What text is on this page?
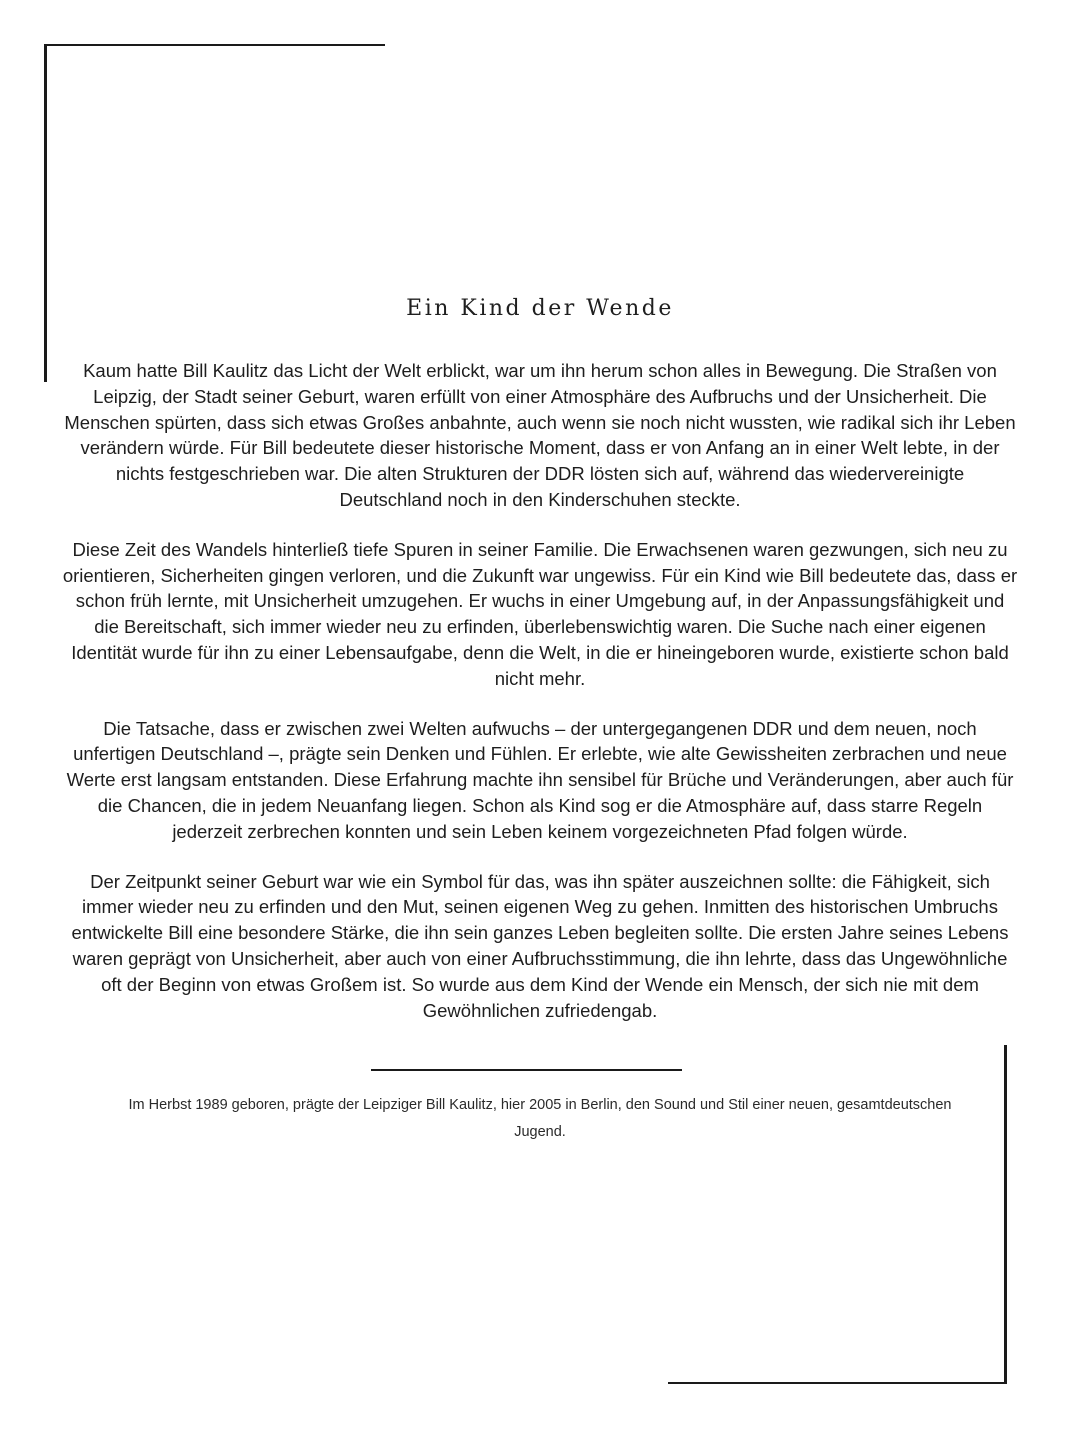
Ein Kind der Wende

Kaum hatte Bill Kaulitz das Licht der Welt erblickt, war um ihn herum schon alles in Bewegung. Die Straßen von Leipzig, der Stadt seiner Geburt, waren erfüllt von einer Atmosphäre des Aufbruchs und der Unsicherheit. Die Menschen spürten, dass sich etwas Großes anbahnte, auch wenn sie noch nicht wussten, wie radikal sich ihr Leben verändern würde. Für Bill bedeutete dieser historische Moment, dass er von Anfang an in einer Welt lebte, in der nichts festgeschrieben war. Die alten Strukturen der DDR lösten sich auf, während das wiedervereinigte Deutschland noch in den Kinderschuhen steckte.

Diese Zeit des Wandels hinterließ tiefe Spuren in seiner Familie. Die Erwachsenen waren gezwungen, sich neu zu orientieren, Sicherheiten gingen verloren, und die Zukunft war ungewiss. Für ein Kind wie Bill bedeutete das, dass er schon früh lernte, mit Unsicherheit umzugehen. Er wuchs in einer Umgebung auf, in der Anpassungsfähigkeit und die Bereitschaft, sich immer wieder neu zu erfinden, überlebenswichtig waren. Die Suche nach einer eigenen Identität wurde für ihn zu einer Lebensaufgabe, denn die Welt, in die er hineingeboren wurde, existierte schon bald nicht mehr.

Die Tatsache, dass er zwischen zwei Welten aufwuchs – der untergegangenen DDR und dem neuen, noch unfertigen Deutschland –, prägte sein Denken und Fühlen. Er erlebte, wie alte Gewissheiten zerbrachen und neue Werte erst langsam entstanden. Diese Erfahrung machte ihn sensibel für Brüche und Veränderungen, aber auch für die Chancen, die in jedem Neuanfang liegen. Schon als Kind sog er die Atmosphäre auf, dass starre Regeln jederzeit zerbrechen konnten und sein Leben keinem vorgezeichneten Pfad folgen würde.

Der Zeitpunkt seiner Geburt war wie ein Symbol für das, was ihn später auszeichnen sollte: die Fähigkeit, sich immer wieder neu zu erfinden und den Mut, seinen eigenen Weg zu gehen. Inmitten des historischen Umbruchs entwickelte Bill eine besondere Stärke, die ihn sein ganzes Leben begleiten sollte. Die ersten Jahre seines Lebens waren geprägt von Unsicherheit, aber auch von einer Aufbruchsstimmung, die ihn lehrte, dass das Ungewöhnliche oft der Beginn von etwas Großem ist. So wurde aus dem Kind der Wende ein Mensch, der sich nie mit dem Gewöhnlichen zufriedengab.

Im Herbst 1989 geboren, prägte der Leipziger Bill Kaulitz, hier 2005 in Berlin, den Sound und Stil einer neuen, gesamtdeutschen Jugend.
